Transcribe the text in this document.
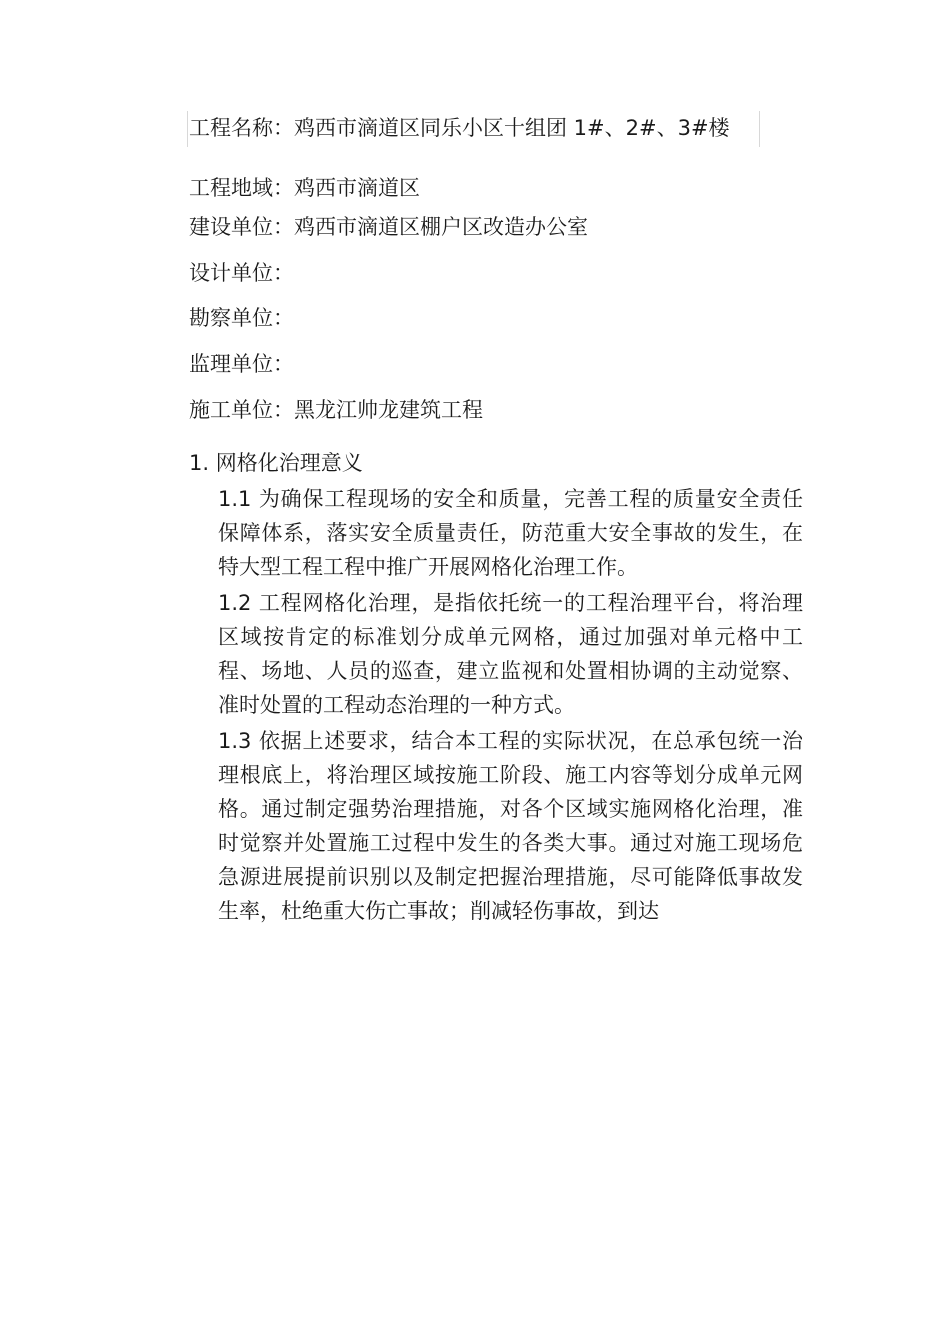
工程名称：鸡西市滴道区同乐小区十组团 1#、2#、3#楼
工程地域：鸡西市滴道区
建设单位：鸡西市滴道区棚户区改造办公室
设计单位：
勘察单位：
监理单位：
施工单位：黑龙江帅龙建筑工程
1. 网格化治理意义

1.1 为确保工程现场的安全和质量，完善工程的质量安全责任保障体系，落实安全质量责任，防范重大安全事故的发生，在特大型工程工程中推广开展网格化治理工作。

1.2 工程网格化治理，是指依托统一的工程治理平台，将治理区域按肯定的标准划分成单元网格，通过加强对单元格中工程、场地、人员的巡查，建立监视和处置相协调的主动觉察、准时处置的工程动态治理的一种方式。

1.3 依据上述要求，结合本工程的实际状况，在总承包统一治理根底上，将治理区域按施工阶段、施工内容等划分成单元网格。通过制定强势治理措施，对各个区域实施网格化治理，准时觉察并处置施工过程中发生的各类大事。通过对施工现场危急源进展提前识别以及制定把握治理措施，尽可能降低事故发生率，杜绝重大伤亡事故；削减轻伤事故，到达
